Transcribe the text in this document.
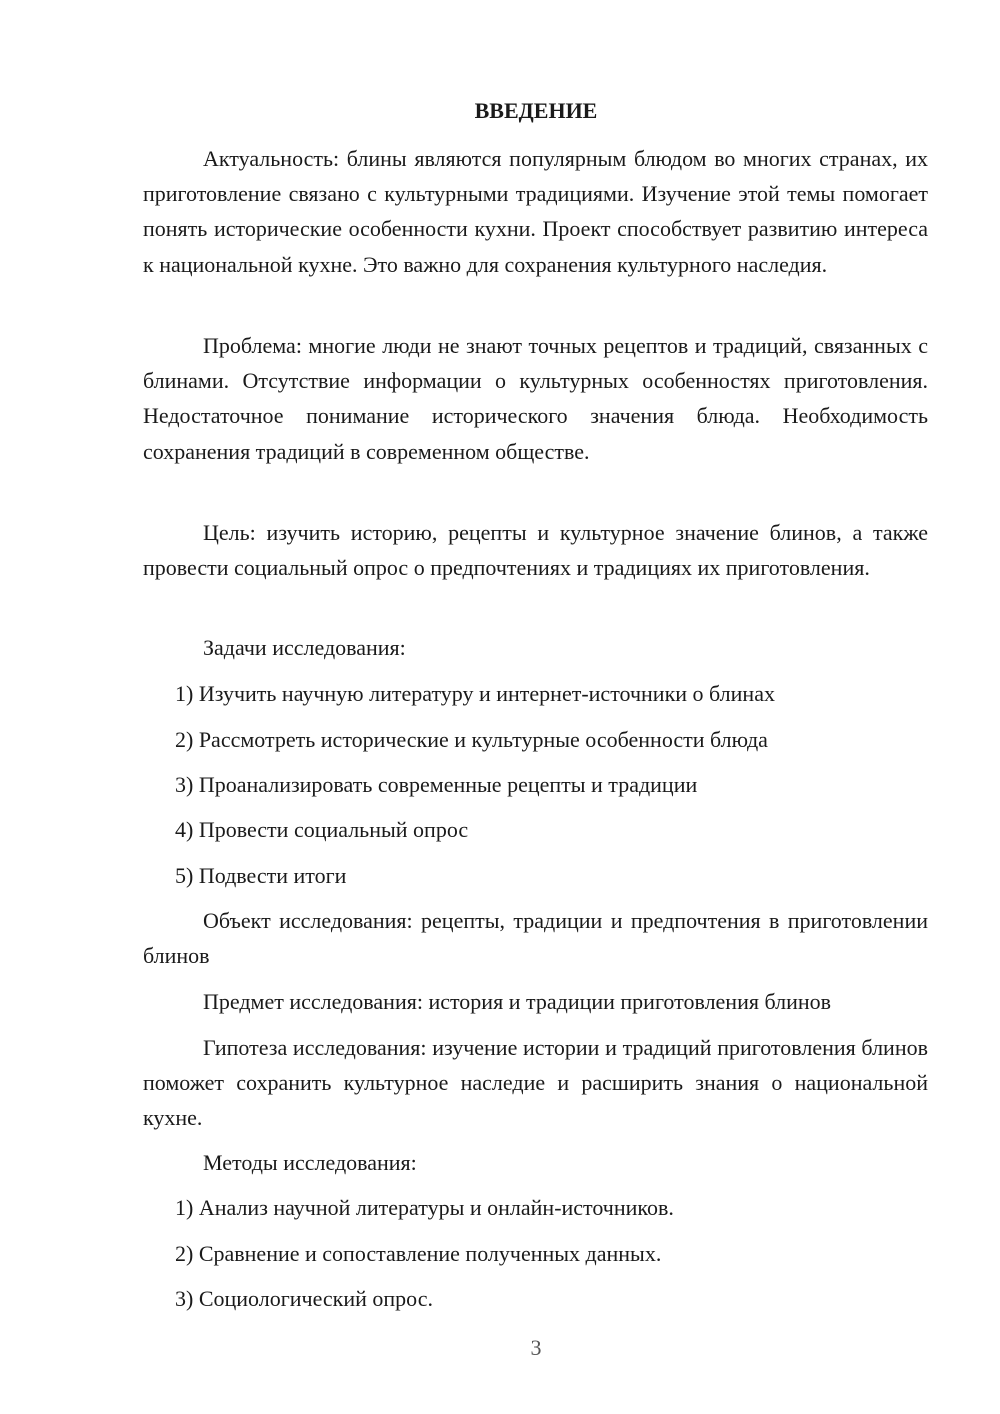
ВВЕДЕНИЕ

Актуальность: блины являются популярным блюдом во многих странах, их приготовление связано с культурными традициями. Изучение этой темы помогает понять исторические особенности кухни. Проект способствует развитию интереса к национальной кухне. Это важно для сохранения культурного наследия.

Проблема: многие люди не знают точных рецептов и традиций, связанных с блинами. Отсутствие информации о культурных особенностях приготовления. Недостаточное понимание исторического значения блюда. Необходимость сохранения традиций в современном обществе.

Цель: изучить историю, рецепты и культурное значение блинов, а также провести социальный опрос о предпочтениях и традициях их приготовления.

Задачи исследования:

1) Изучить научную литературу и интернет-источники о блинах

2) Рассмотреть исторические и культурные особенности блюда

3) Проанализировать современные рецепты и традиции

4) Провести социальный опрос

5) Подвести итоги

Объект исследования: рецепты, традиции и предпочтения в приготовлении блинов

Предмет исследования: история и традиции приготовления блинов

Гипотеза исследования: изучение истории и традиций приготовления блинов поможет сохранить культурное наследие и расширить знания о национальной кухне.

Методы исследования:

1) Анализ научной литературы и онлайн-источников.

2) Сравнение и сопоставление полученных данных.

3) Социологический опрос.

3
